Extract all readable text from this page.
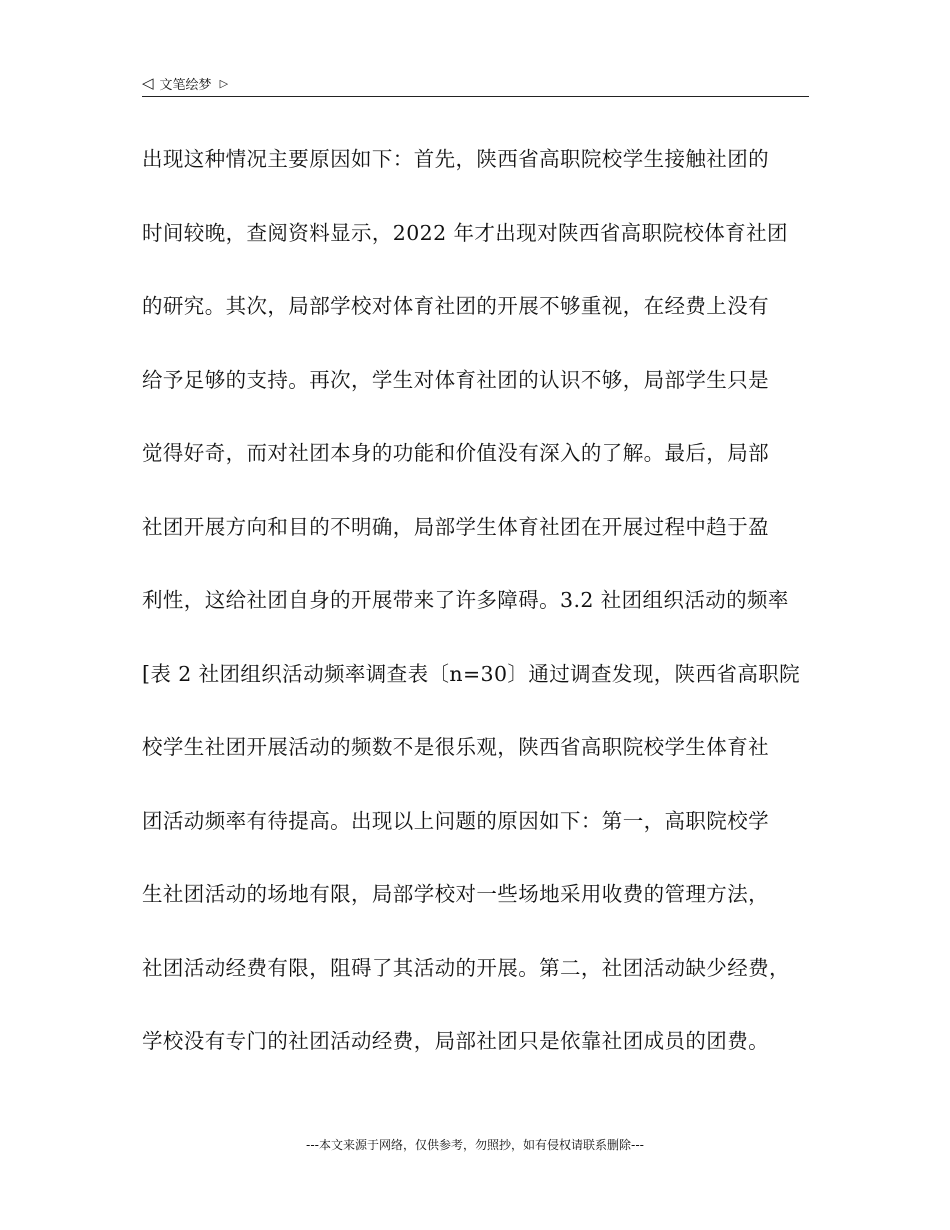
◁ 文笔绘梦 ▷
出现这种情况主要原因如下：首先，陕西省高职院校学生接触社团的
时间较晚，查阅资料显示，2022 年才出现对陕西省高职院校体育社团
的研究。其次，局部学校对体育社团的开展不够重视，在经费上没有
给予足够的支持。再次，学生对体育社团的认识不够，局部学生只是
觉得好奇，而对社团本身的功能和价值没有深入的了解。最后，局部
社团开展方向和目的不明确，局部学生体育社团在开展过程中趋于盈
利性，这给社团自身的开展带来了许多障碍。3.2 社团组织活动的频率
[表 2 社团组织活动频率调查表〔n=30〕通过调查发现，陕西省高职院
校学生社团开展活动的频数不是很乐观，陕西省高职院校学生体育社
团活动频率有待提高。出现以上问题的原因如下：第一，高职院校学
生社团活动的场地有限，局部学校对一些场地采用收费的管理方法，
社团活动经费有限，阻碍了其活动的开展。第二，社团活动缺少经费，
学校没有专门的社团活动经费，局部社团只是依靠社团成员的团费。
---本文来源于网络，仅供参考，勿照抄，如有侵权请联系删除---
